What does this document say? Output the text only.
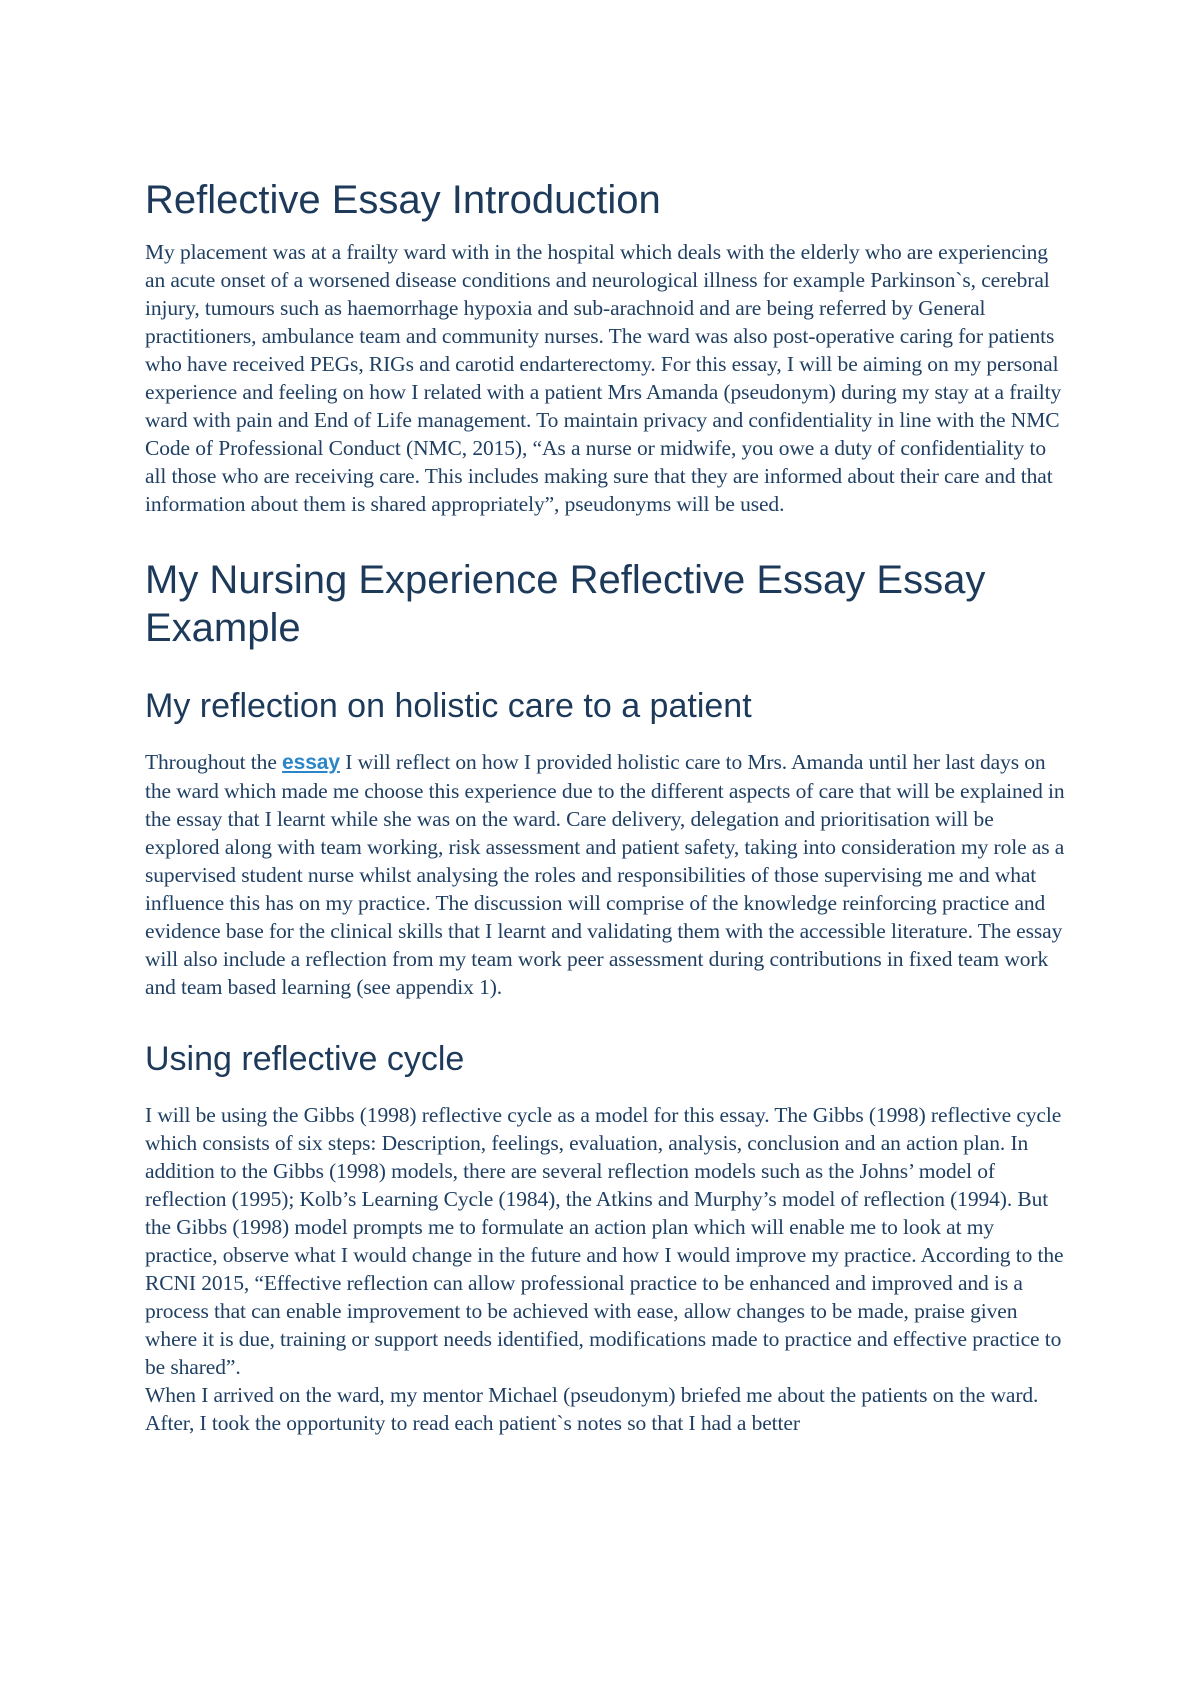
Reflective Essay Introduction

My placement was at a frailty ward with in the hospital which deals with the elderly who are experiencing an acute onset of a worsened disease conditions and neurological illness for example Parkinson`s, cerebral injury, tumours such as haemorrhage hypoxia and sub-arachnoid and are being referred by General practitioners, ambulance team and community nurses. The ward was also post-operative caring for patients who have received PEGs, RIGs and carotid endarterectomy. For this essay, I will be aiming on my personal experience and feeling on how I related with a patient Mrs Amanda (pseudonym) during my stay at a frailty ward with pain and End of Life management. To maintain privacy and confidentiality in line with the NMC Code of Professional Conduct (NMC, 2015), “As a nurse or midwife, you owe a duty of confidentiality to all those who are receiving care. This includes making sure that they are informed about their care and that information about them is shared appropriately”, pseudonyms will be used.

My Nursing Experience Reflective Essay Essay Example
My reflection on holistic care to a patient

Throughout the essay I will reflect on how I provided holistic care to Mrs. Amanda until her last days on the ward which made me choose this experience due to the different aspects of care that will be explained in the essay that I learnt while she was on the ward. Care delivery, delegation and prioritisation will be explored along with team working, risk assessment and patient safety, taking into consideration my role as a supervised student nurse whilst analysing the roles and responsibilities of those supervising me and what influence this has on my practice. The discussion will comprise of the knowledge reinforcing practice and evidence base for the clinical skills that I learnt and validating them with the accessible literature. The essay will also include a reflection from my team work peer assessment during contributions in fixed team work and team based learning (see appendix 1).

Using reflective cycle

I will be using the Gibbs (1998) reflective cycle as a model for this essay. The Gibbs (1998) reflective cycle which consists of six steps: Description, feelings, evaluation, analysis, conclusion and an action plan. In addition to the Gibbs (1998) models, there are several reflection models such as the Johns’ model of reflection (1995); Kolb’s Learning Cycle (1984), the Atkins and Murphy’s model of reflection (1994). But the Gibbs (1998) model prompts me to formulate an action plan which will enable me to look at my practice, observe what I would change in the future and how I would improve my practice. According to the RCNI 2015, “Effective reflection can allow professional practice to be enhanced and improved and is a process that can enable improvement to be achieved with ease, allow changes to be made, praise given where it is due, training or support needs identified, modifications made to practice and effective practice to be shared”.

When I arrived on the ward, my mentor Michael (pseudonym) briefed me about the patients on the ward. After, I took the opportunity to read each patient`s notes so that I had a better
